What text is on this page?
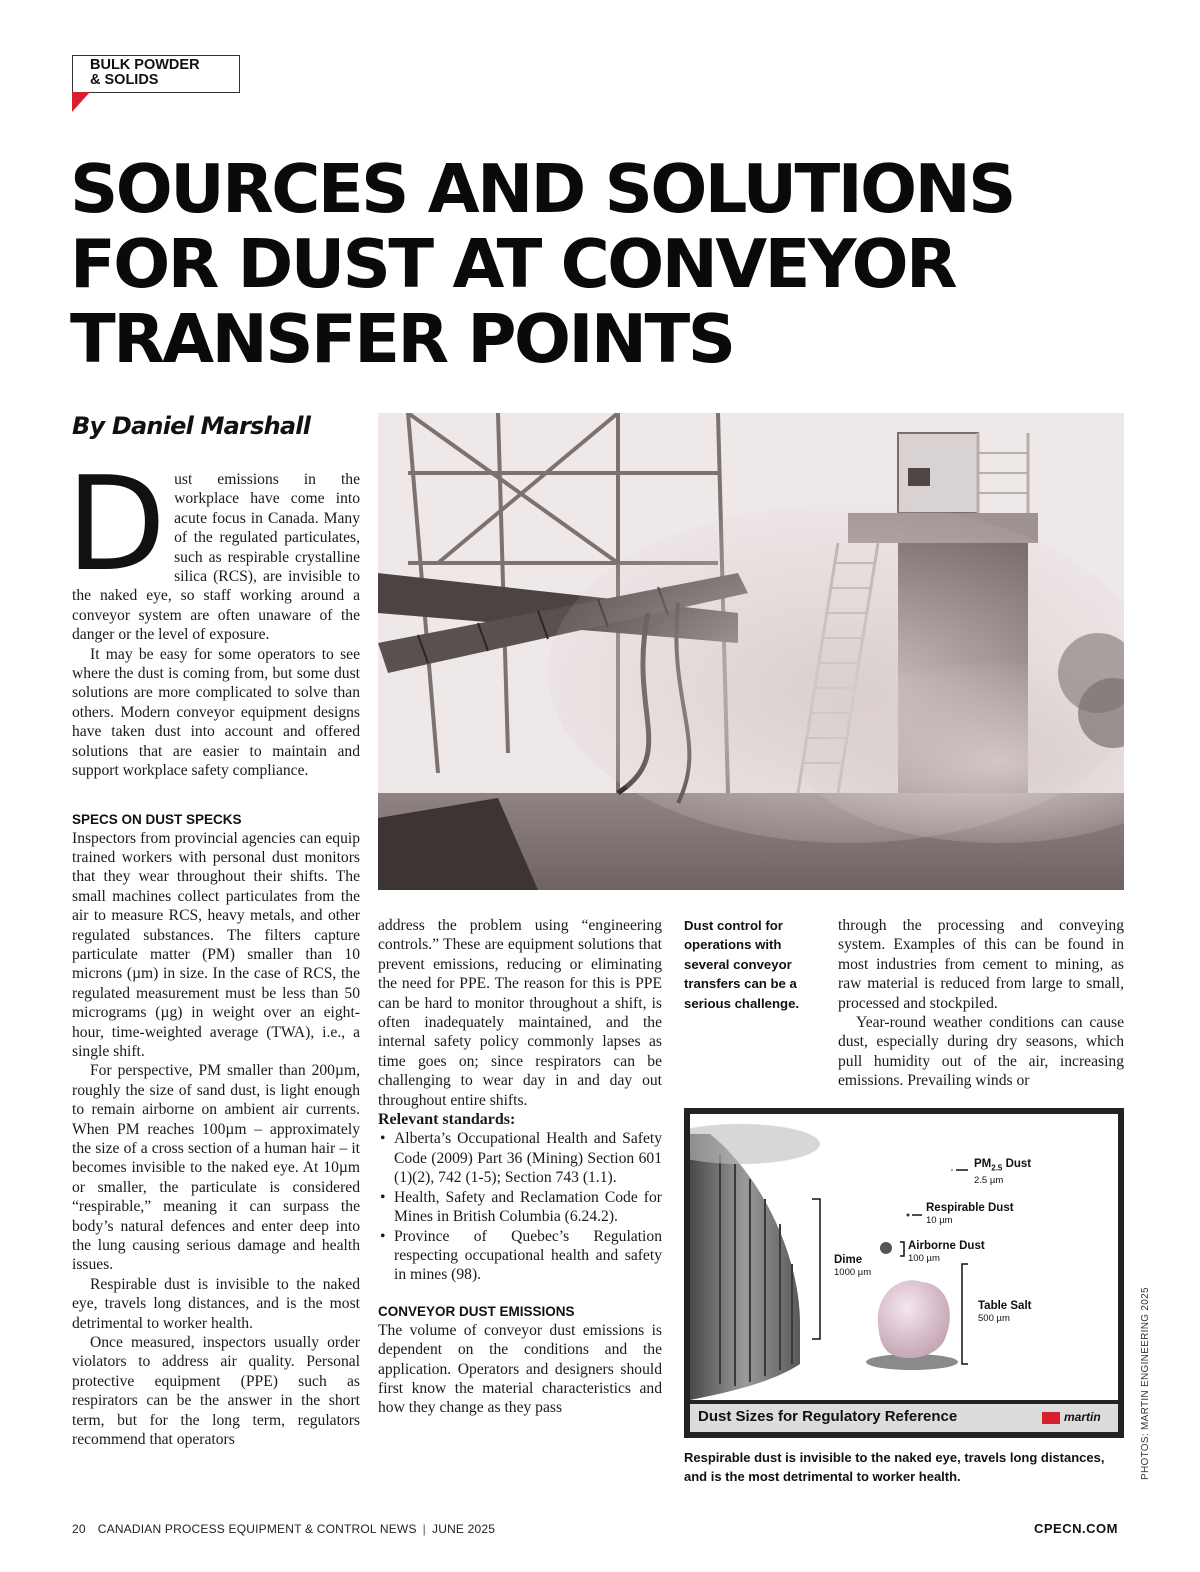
BULK POWDER
& SOLIDS
SOURCES AND SOLUTIONS
FOR DUST AT CONVEYOR
TRANSFER POINTS
By Daniel Marshall

Dust emissions in the workplace have come into acute focus in Canada. Many of the regulated particulates, such as respirable crystalline silica (RCS), are invisible to the naked eye, so staff working around a conveyor system are often unaware of the danger or the level of exposure.

It may be easy for some operators to see where the dust is coming from, but some dust solutions are more complicated to solve than others. Modern conveyor equipment designs have taken dust into account and offered solutions that are easier to maintain and support workplace safety compliance.

SPECS ON DUST SPECKS

Inspectors from provincial agencies can equip trained workers with personal dust monitors that they wear throughout their shifts. The small machines collect particulates from the air to measure RCS, heavy metals, and other regulated substances. The filters capture particulate matter (PM) smaller than 10 microns (µm) in size. In the case of RCS, the regulated measurement must be less than 50 micrograms (µg) in weight over an eight-hour, time-weighted average (TWA), i.e., a single shift.

For perspective, PM smaller than 200µm, roughly the size of sand dust, is light enough to remain airborne on ambient air currents. When PM reaches 100µm – approximately the size of a cross section of a human hair – it becomes invisible to the naked eye. At 10µm or smaller, the particulate is considered “respirable,” meaning it can surpass the body’s natural defences and enter deep into the lung causing serious damage and health issues.

Respirable dust is invisible to the naked eye, travels long distances, and is the most detrimental to worker health.

Once measured, inspectors usually order violators to address air quality. Personal protective equipment (PPE) such as respirators can be the answer in the short term, but for the long term, regulators recommend that operators

address the problem using “engineering controls.” These are equipment solutions that prevent emissions, reducing or eliminating the need for PPE. The reason for this is PPE can be hard to monitor throughout a shift, is often inadequately maintained, and the internal safety policy commonly lapses as time goes on; since respirators can be challenging to wear day in and day out throughout entire shifts.

Relevant standards:

• Alberta’s Occupational Health and Safety Code (2009) Part 36 (Mining) Section 601 (1)(2), 742 (1-5); Section 743 (1.1).
• Health, Safety and Reclamation Code for Mines in British Columbia (6.24.2).
• Province of Quebec’s Regulation respecting occupational health and safety in mines (98).

CONVEYOR DUST EMISSIONS

The volume of conveyor dust emissions is dependent on the conditions and the application. Operators and designers should first know the material characteristics and how they change as they pass

Dust control for operations with several conveyor transfers can be a serious challenge.

through the processing and conveying system. Examples of this can be found in most industries from cement to mining, as raw material is reduced from large to small, processed and stockpiled.

Year-round weather conditions can cause dust, especially during dry seasons, which pull humidity out of the air, increasing emissions. Prevailing winds or

$PM_{2.5}$ Dust
2.5 µm
Respirable Dust
10 µm
Airborne Dust
100 µm
Dime
1000 µm
Table Salt
500 µm
Dust Sizes for Regulatory Reference	martin
Respirable dust is invisible to the naked eye, travels long distances, and is the most detrimental to worker health.	PHOTOS: MARTIN ENGINEERING 2025
20 CANADIAN PROCESS EQUIPMENT & CONTROL NEWS | JUNE 2025	CPECN.COM
